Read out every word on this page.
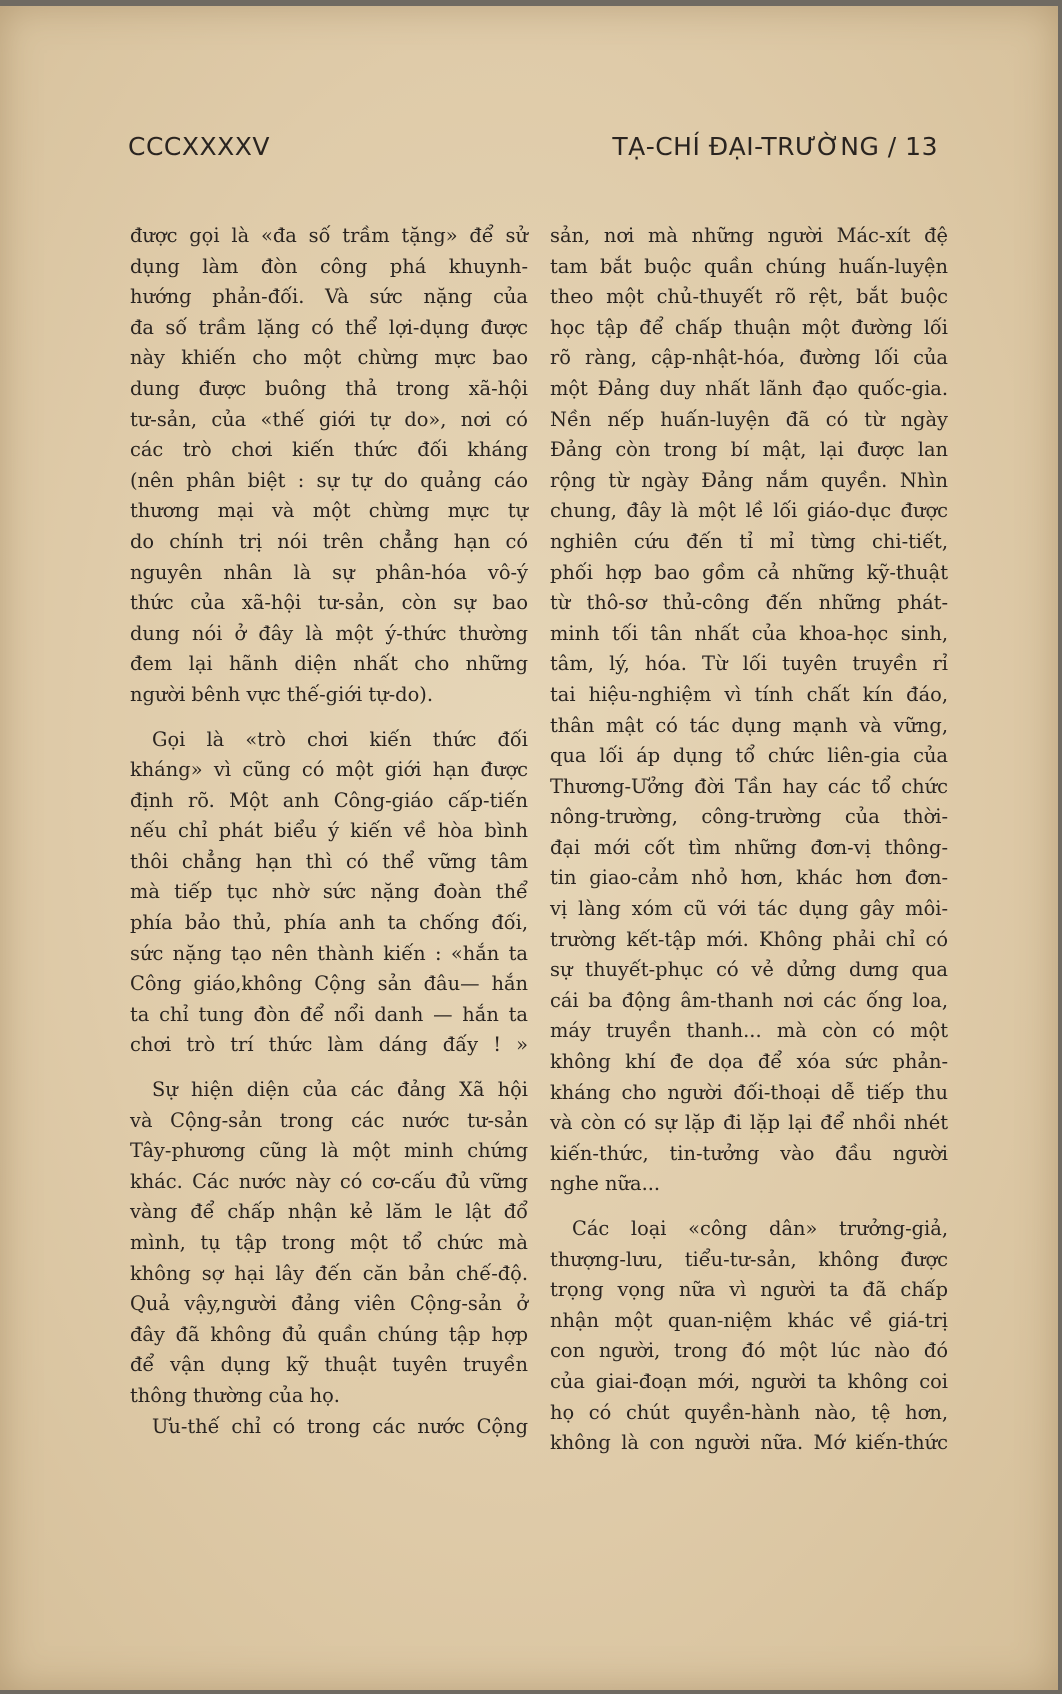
CCCXXXXV	TẠ-CHÍ ĐẠI-TRƯỜNG / 13
được gọi là «đa số trầm tặng» để sử
dụng làm đòn công phá khuynh-
hướng phản-đối. Và sức nặng của
đa số trầm lặng có thể lợi-dụng được
này khiến cho một chừng mực bao
dung được buông thả trong xã-hội
tư-sản, của «thế giới tự do», nơi có
các trò chơi kiến thức đối kháng
(nên phân biệt : sự tự do quảng cáo
thương mại và một chừng mực tự
do chính trị nói trên chẳng hạn có
nguyên nhân là sự phân-hóa vô-ý
thức của xã-hội tư-sản, còn sự bao
dung nói ở đây là một ý-thức thường
đem lại hãnh diện nhất cho những
người bênh vực thế-giới tự-do).
Gọi là «trò chơi kiến thức đối
kháng» vì cũng có một giới hạn được
định rõ. Một anh Công-giáo cấp-tiến
nếu chỉ phát biểu ý kiến về hòa bình
thôi chẳng hạn thì có thể vững tâm
mà tiếp tục nhờ sức nặng đoàn thể
phía bảo thủ, phía anh ta chống đối,
sức nặng tạo nên thành kiến : «hắn ta
Công giáo,không Cộng sản đâu— hắn
ta chỉ tung đòn để nổi danh — hắn ta
chơi trò trí thức làm dáng đấy ! »
Sự hiện diện của các đảng Xã hội
và Cộng-sản trong các nước tư-sản
Tây-phương cũng là một minh chứng
khác. Các nước này có cơ-cấu đủ vững
vàng để chấp nhận kẻ lăm le lật đổ
mình, tụ tập trong một tổ chức mà
không sợ hại lây đến căn bản chế-độ.
Quả vậy,người đảng viên Cộng-sản ở
đây đã không đủ quần chúng tập hợp
để vận dụng kỹ thuật tuyên truyền
thông thường của họ.
Ưu-thế chỉ có trong các nước Cộng
sản, nơi mà những người Mác-xít đệ
tam bắt buộc quần chúng huấn-luyện
theo một chủ-thuyết rõ rệt, bắt buộc
học tập để chấp thuận một đường lối
rõ ràng, cập-nhật-hóa, đường lối của
một Đảng duy nhất lãnh đạo quốc-gia.
Nền nếp huấn-luyện đã có từ ngày
Đảng còn trong bí mật, lại được lan
rộng từ ngày Đảng nắm quyền. Nhìn
chung, đây là một lề lối giáo-dục được
nghiên cứu đến tỉ mỉ từng chi-tiết,
phối hợp bao gồm cả những kỹ-thuật
từ thô-sơ thủ-công đến những phát-
minh tối tân nhất của khoa-học sinh,
tâm, lý, hóa. Từ lối tuyên truyền rỉ
tai hiệu-nghiệm vì tính chất kín đáo,
thân mật có tác dụng mạnh và vững,
qua lối áp dụng tổ chức liên-gia của
Thương-Ưởng đời Tần hay các tổ chức
nông-trường, công-trường của thời-
đại mới cốt tìm những đơn-vị thông-
tin giao-cảm nhỏ hơn, khác hơn đơn-
vị làng xóm cũ với tác dụng gây môi-
trường kết-tập mới. Không phải chỉ có
sự thuyết-phục có vẻ dửng dưng qua
cái ba động âm-thanh nơi các ống loa,
máy truyền thanh... mà còn có một
không khí đe dọa để xóa sức phản-
kháng cho người đối-thoại dễ tiếp thu
và còn có sự lặp đi lặp lại để nhồi nhét
kiến-thức, tin-tưởng vào đầu người
nghe nữa...
Các loại «công dân» trưởng-giả,
thượng-lưu, tiểu-tư-sản, không được
trọng vọng nữa vì người ta đã chấp
nhận một quan-niệm khác về giá-trị
con người, trong đó một lúc nào đó
của giai-đoạn mới, người ta không coi
họ có chút quyền-hành nào, tệ hơn,
không là con người nữa. Mớ kiến-thức
